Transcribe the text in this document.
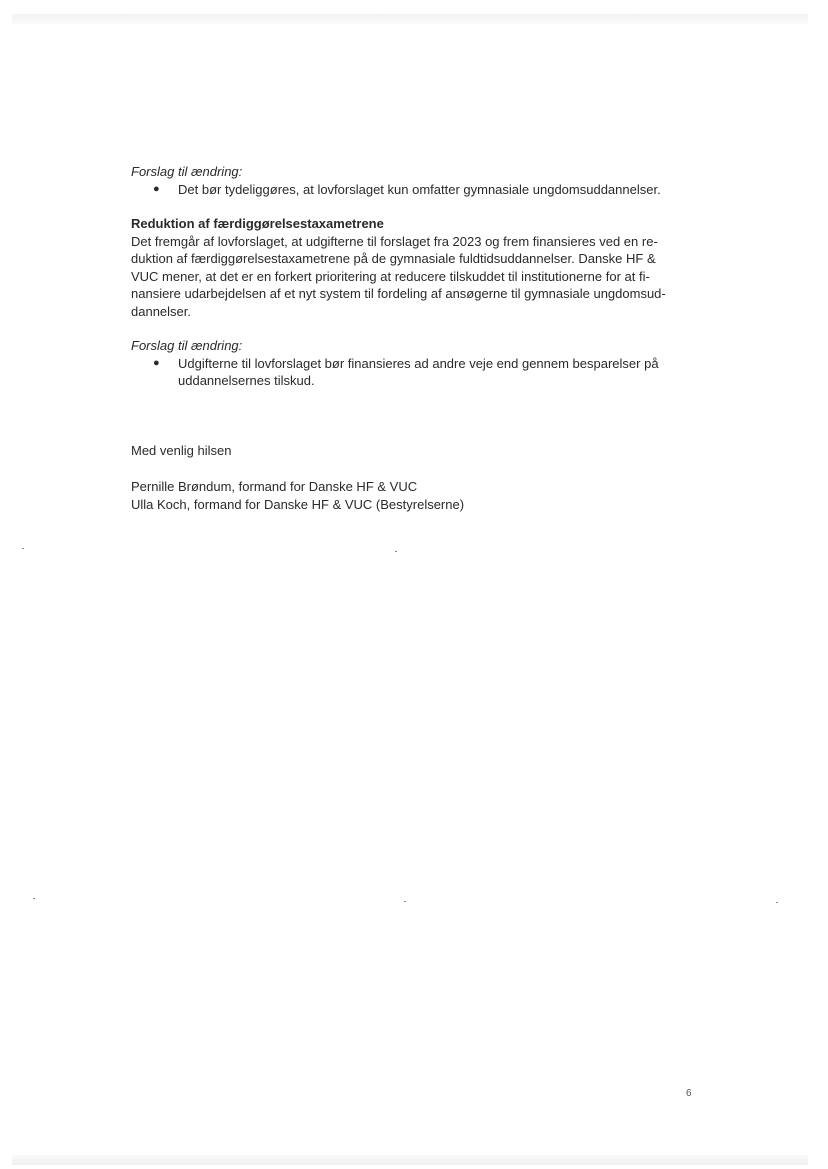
Forslag til ændring:

●	Det bør tydeliggøres, at lovforslaget kun omfatter gymnasiale ungdomsuddannelser.

Reduktion af færdiggørelsestaxametrene

Det fremgår af lovforslaget, at udgifterne til forslaget fra 2023 og frem finansieres ved en re-

duktion af færdiggørelsestaxametrene på de gymnasiale fuldtidsuddannelser. Danske HF &

VUC mener, at det er en forkert prioritering at reducere tilskuddet til institutionerne for at fi-

nansiere udarbejdelsen af et nyt system til fordeling af ansøgerne til gymnasiale ungdomsud-

dannelser.

Forslag til ændring:

●	Udgifterne til lovforslaget bør finansieres ad andre veje end gennem besparelser på
uddannelsernes tilskud.

Med venlig hilsen

Pernille Brøndum, formand for Danske HF & VUC

Ulla Koch, formand for Danske HF & VUC (Bestyrelserne)

6
